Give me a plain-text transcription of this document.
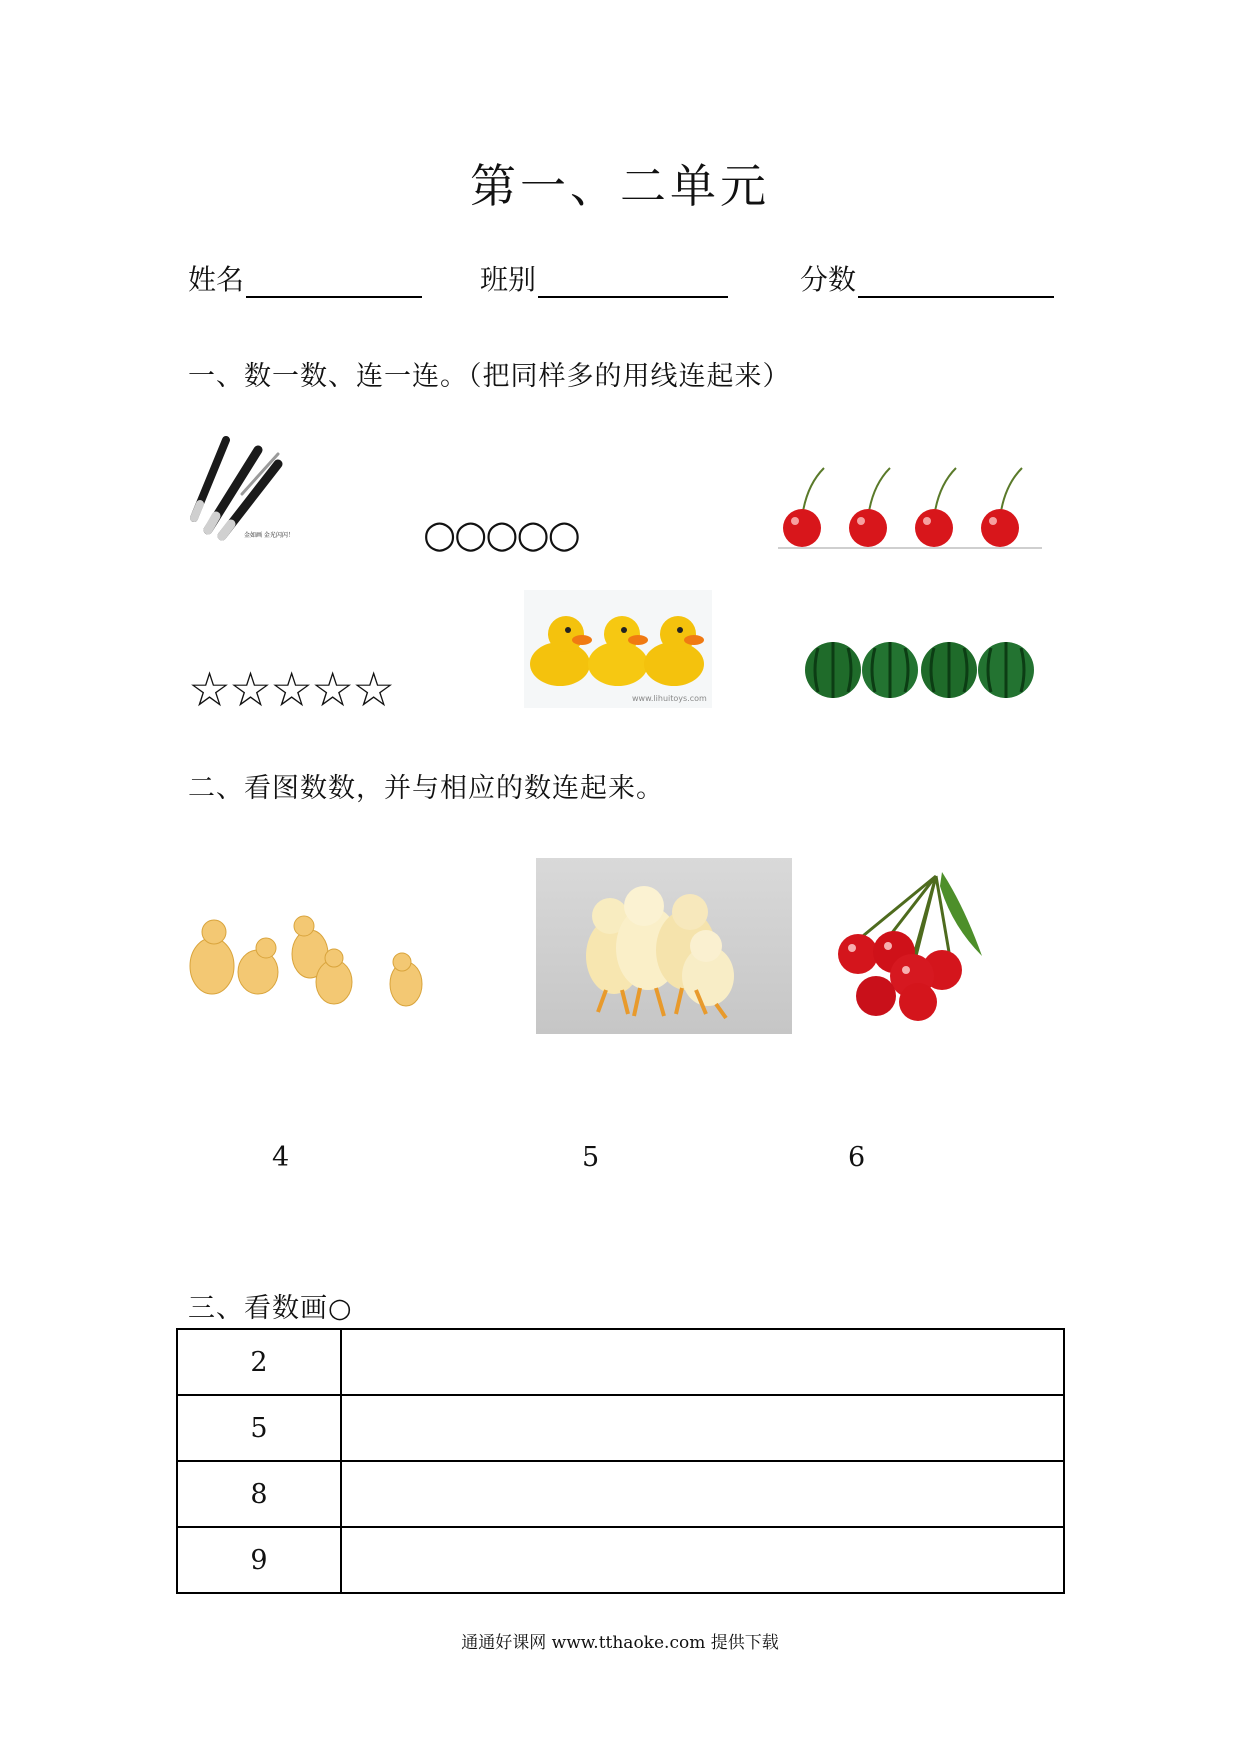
第一、二单元
姓名	班别	分数
一、数一数、连一连。（把同样多的用线连起来）
金如画 金光闪闪！	○○○○○
☆☆☆☆☆	www.lihuitoys.com
二、看图数数，并与相应的数连起来。
4	5	6
三、看数画○
2	
5	
8	
9	
通通好课网 www.tthaoke.com 提供下载
